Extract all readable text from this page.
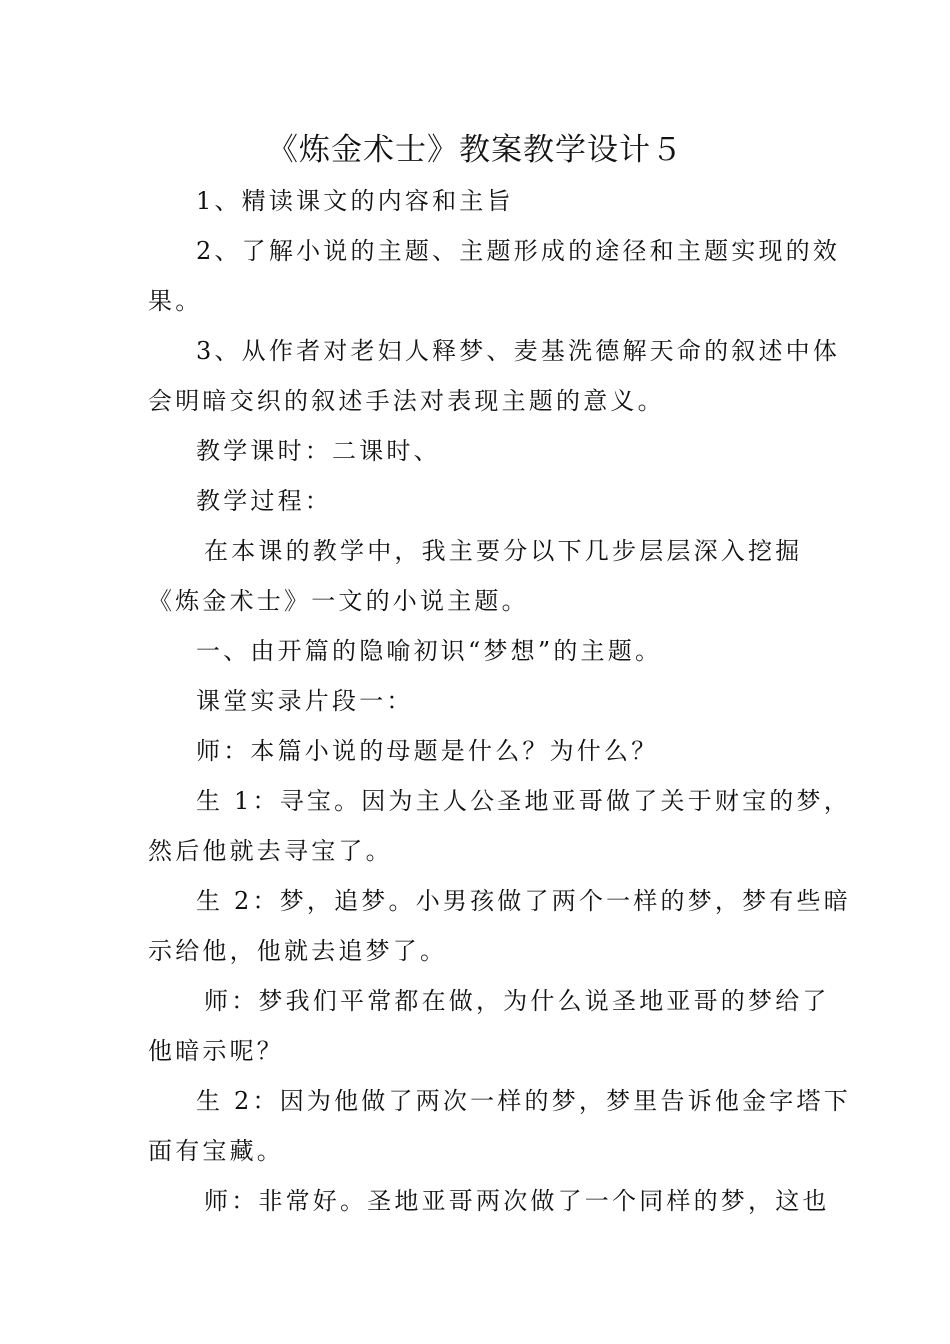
《炼金术士》教案教学设计５
1、精读课文的内容和主旨
2、了解小说的主题、主题形成的途径和主题实现的效
果。
3、从作者对老妇人释梦、麦基洗德解天命的叙述中体
会明暗交织的叙述手法对表现主题的意义。
教学课时：二课时、
教学过程：
在本课的教学中，我主要分以下几步层层深入挖掘
《炼金术士》一文的小说主题。
一、由开篇的隐喻初识“梦想”的主题。
课堂实录片段一：
师：本篇小说的母题是什么？为什么？
生 1：寻宝。因为主人公圣地亚哥做了关于财宝的梦，
然后他就去寻宝了。
生 2：梦，追梦。小男孩做了两个一样的梦，梦有些暗
示给他，他就去追梦了。
师：梦我们平常都在做，为什么说圣地亚哥的梦给了
他暗示呢？
生 2：因为他做了两次一样的梦，梦里告诉他金字塔下
面有宝藏。
师：非常好。圣地亚哥两次做了一个同样的梦，这也
